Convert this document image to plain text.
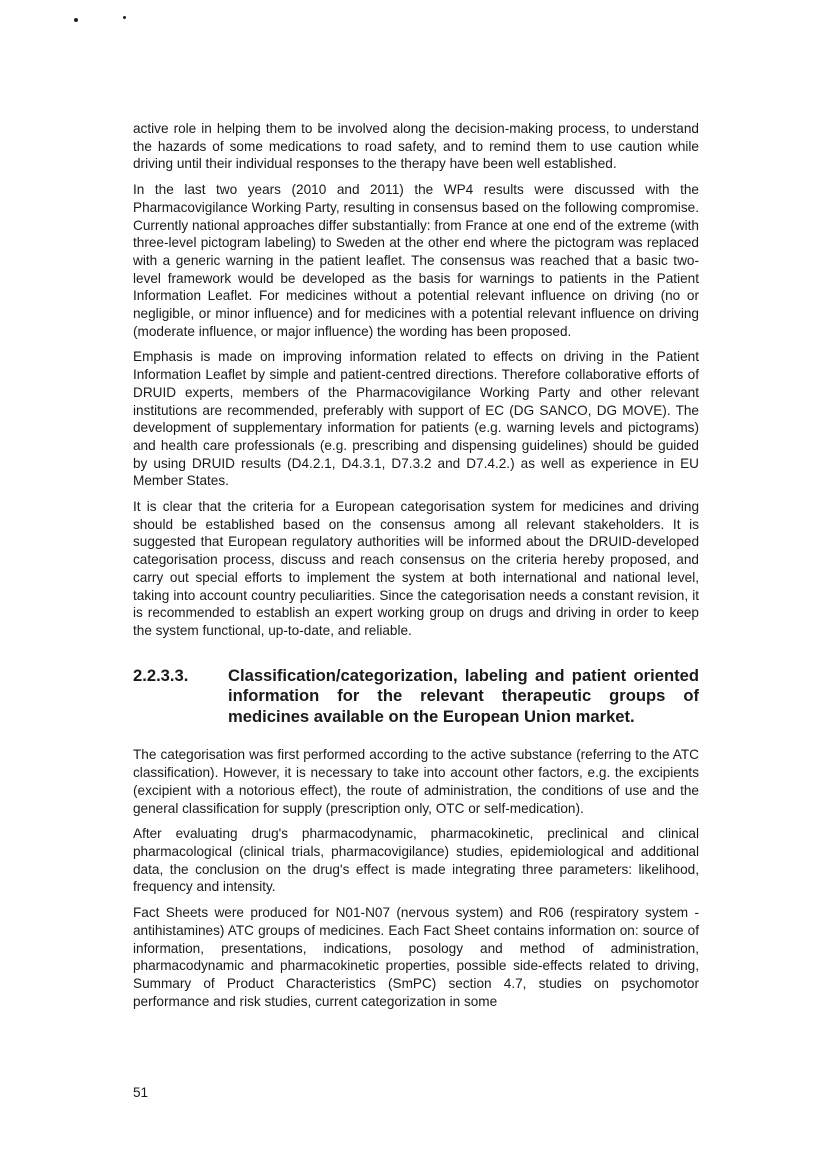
active role in helping them to be involved along the decision-making process, to understand the hazards of some medications to road safety, and to remind them to use caution while driving until their individual responses to the therapy have been well established.

In the last two years (2010 and 2011) the WP4 results were discussed with the Pharmacovigilance Working Party, resulting in consensus based on the following compromise. Currently national approaches differ substantially: from France at one end of the extreme (with three-level pictogram labeling) to Sweden at the other end where the pictogram was replaced with a generic warning in the patient leaflet. The consensus was reached that a basic two-level framework would be developed as the basis for warnings to patients in the Patient Information Leaflet. For medicines without a potential relevant influence on driving (no or negligible, or minor influence) and for medicines with a potential relevant influence on driving (moderate influence, or major influence) the wording has been proposed.

Emphasis is made on improving information related to effects on driving in the Patient Information Leaflet by simple and patient-centred directions. Therefore collaborative efforts of DRUID experts, members of the Pharmacovigilance Working Party and other relevant institutions are recommended, preferably with support of EC (DG SANCO, DG MOVE). The development of supplementary information for patients (e.g. warning levels and pictograms) and health care professionals (e.g. prescribing and dispensing guidelines) should be guided by using DRUID results (D4.2.1, D4.3.1, D7.3.2 and D7.4.2.) as well as experience in EU Member States.

It is clear that the criteria for a European categorisation system for medicines and driving should be established based on the consensus among all relevant stakeholders. It is suggested that European regulatory authorities will be informed about the DRUID-developed categorisation process, discuss and reach consensus on the criteria hereby proposed, and carry out special efforts to implement the system at both international and national level, taking into account country peculiarities. Since the categorisation needs a constant revision, it is recommended to establish an expert working group on drugs and driving in order to keep the system functional, up-to-date, and reliable.

2.2.3.3.	Classification/categorization, labeling and patient oriented information for the relevant therapeutic groups of medicines available on the European Union market.

The categorisation was first performed according to the active substance (referring to the ATC classification). However, it is necessary to take into account other factors, e.g. the excipients (excipient with a notorious effect), the route of administration, the conditions of use and the general classification for supply (prescription only, OTC or self-medication).

After evaluating drug's pharmacodynamic, pharmacokinetic, preclinical and clinical pharmacological (clinical trials, pharmacovigilance) studies, epidemiological and additional data, the conclusion on the drug's effect is made integrating three parameters: likelihood, frequency and intensity.

Fact Sheets were produced for N01-N07 (nervous system) and R06 (respiratory system - antihistamines) ATC groups of medicines. Each Fact Sheet contains information on: source of information, presentations, indications, posology and method of administration, pharmacodynamic and pharmacokinetic properties, possible side-effects related to driving, Summary of Product Characteristics (SmPC) section 4.7, studies on psychomotor performance and risk studies, current categorization in some

51
